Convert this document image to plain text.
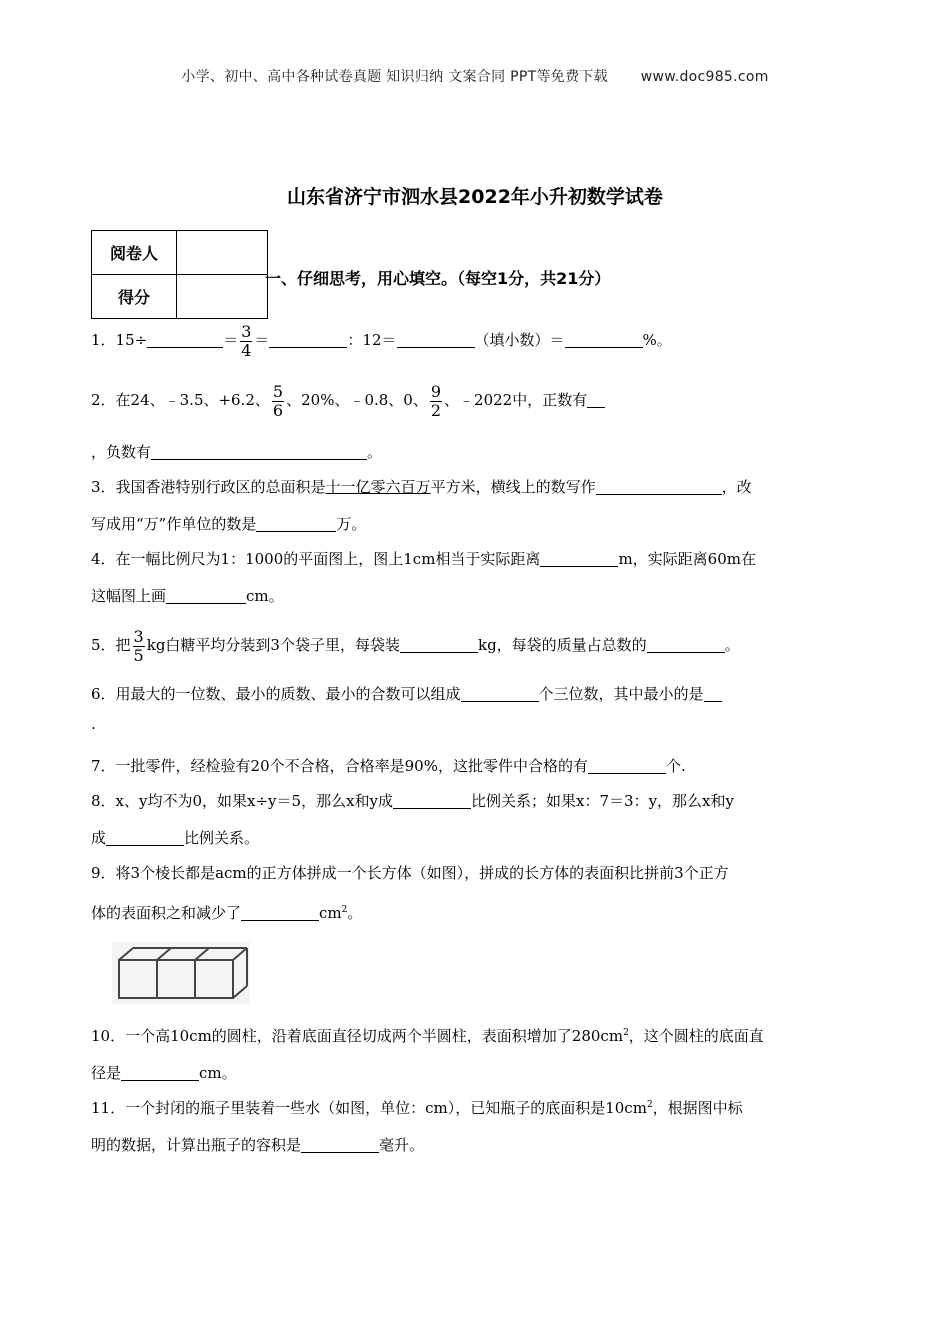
小学、初中、高中各种试卷真题 知识归纳 文案合同 PPT等免费下载 www.doc985.com
山东省济宁市泗水县2022年小升初数学试卷
阅卷人	
得分	
一、仔细思考，用心填空。（每空1分，共21分）
1．15÷	＝ $\frac{3}{4}$ ＝	：12＝	（填小数）＝	%。
2．在24、﹣3.5、+6.2、 $\frac{5}{6}$ 、20%、﹣0.8、0、 $\frac{9}{2}$ 、﹣2022中，正数有
，负数有	。
3．我国香港特别行政区的总面积是十一亿零六百万平方米，横线上的数写作	，改
写成用“万”作单位的数是	万。
4．在一幅比例尺为1：1000的平面图上，图上1cm相当于实际距离	m，实际距离60m在
这幅图上画	cm。
5．把 $\frac{3}{5}$ kg白糖平均分装到3个袋子里，每袋装	kg，每袋的质量占总数的	。
6．用最大的一位数、最小的质数、最小的合数可以组成	个三位数，其中最小的是
.
7．一批零件，经检验有20个不合格，合格率是90%，这批零件中合格的有	个.
8．x、y均不为0，如果x÷y＝5，那么x和y成	比例关系；如果x：7＝3：y，那么x和y
成	比例关系。
9．将3个棱长都是acm的正方体拼成一个长方体（如图），拼成的长方体的表面积比拼前3个正方
体的表面积之和减少了	$cm^2$。
10．一个高10cm的圆柱，沿着底面直径切成两个半圆柱，表面积增加了$280cm^2$，这个圆柱的底面直
径是	cm。
11．一个封闭的瓶子里装着一些水（如图，单位：cm），已知瓶子的底面积是$10cm^2$，根据图中标
明的数据，计算出瓶子的容积是	毫升。
